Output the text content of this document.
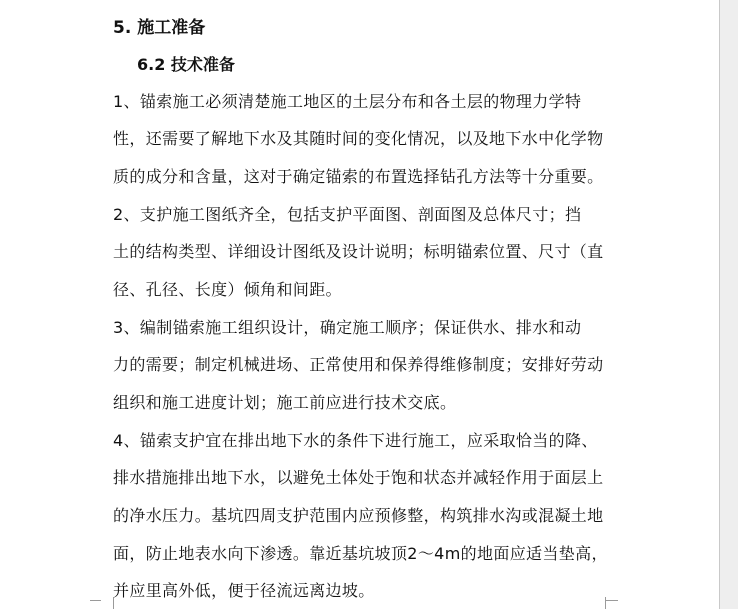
5. 施工准备
6.2 技术准备
1、锚索施工必须清楚施工地区的土层分布和各土层的物理力学特
性，还需要了解地下水及其随时间的变化情况，以及地下水中化学物
质的成分和含量，这对于确定锚索的布置选择钻孔方法等十分重要。
2、支护施工图纸齐全，包括支护平面图、剖面图及总体尺寸；挡
土的结构类型、详细设计图纸及设计说明；标明锚索位置、尺寸（直
径、孔径、长度）倾角和间距。
3、编制锚索施工组织设计，确定施工顺序；保证供水、排水和动
力的需要；制定机械进场、正常使用和保养得维修制度；安排好劳动
组织和施工进度计划；施工前应进行技术交底。
4、锚索支护宜在排出地下水的条件下进行施工，应采取恰当的降、
排水措施排出地下水，以避免土体处于饱和状态并减轻作用于面层上
的净水压力。基坑四周支护范围内应预修整，构筑排水沟或混凝土地
面，防止地表水向下渗透。靠近基坑坡顶2～4m的地面应适当垫高，
并应里高外低，便于径流远离边坡。
